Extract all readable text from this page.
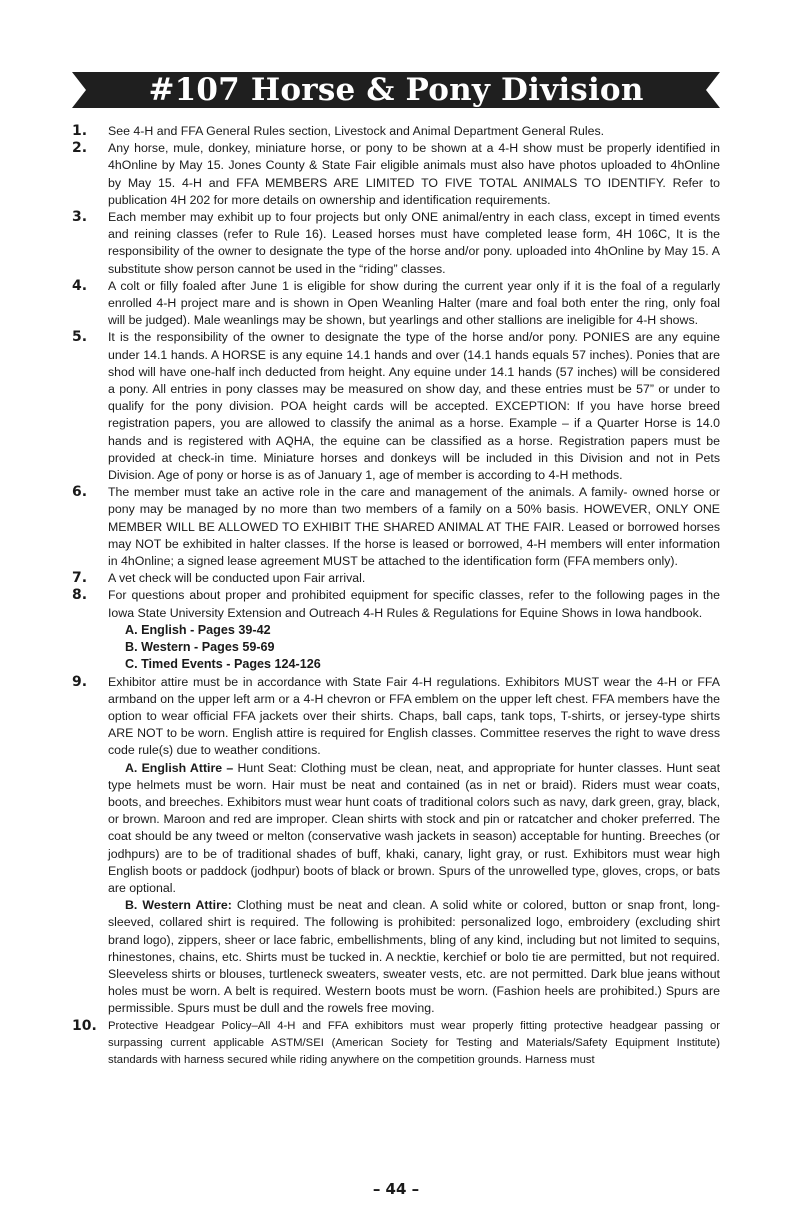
#107 Horse & Pony Division
1. See 4-H and FFA General Rules section, Livestock and Animal Department General Rules.
2. Any horse, mule, donkey, miniature horse, or pony to be shown at a 4-H show must be properly identified in 4hOnline by May 15. Jones County & State Fair eligible animals must also have photos uploaded to 4hOnline by May 15. 4-H and FFA MEMBERS ARE LIMITED TO FIVE TOTAL ANIMALS TO IDENTIFY. Refer to publication 4H 202 for more details on ownership and identification requirements.
3. Each member may exhibit up to four projects but only ONE animal/entry in each class, except in timed events and reining classes (refer to Rule 16). Leased horses must have completed lease form, 4H 106C, It is the responsibility of the owner to designate the type of the horse and/or pony. uploaded into 4hOnline by May 15. A substitute show person cannot be used in the “riding” classes.
4. A colt or filly foaled after June 1 is eligible for show during the current year only if it is the foal of a regularly enrolled 4-H project mare and is shown in Open Weanling Halter (mare and foal both enter the ring, only foal will be judged). Male weanlings may be shown, but yearlings and other stallions are ineligible for 4-H shows.
5. It is the responsibility of the owner to designate the type of the horse and/or pony. PONIES are any equine under 14.1 hands. A HORSE is any equine 14.1 hands and over (14.1 hands equals 57 inches). Ponies that are shod will have one-half inch deducted from height. Any equine under 14.1 hands (57 inches) will be considered a pony. All entries in pony classes may be measured on show day, and these entries must be 57” or under to qualify for the pony division. POA height cards will be accepted. EXCEPTION: If you have horse breed registration papers, you are allowed to classify the animal as a horse. Example – if a Quarter Horse is 14.0 hands and is registered with AQHA, the equine can be classified as a horse. Registration papers must be provided at check-in time. Miniature horses and donkeys will be included in this Division and not in Pets Division. Age of pony or horse is as of January 1, age of member is according to 4-H methods.
6. The member must take an active role in the care and management of the animals. A family- owned horse or pony may be managed by no more than two members of a family on a 50% basis. HOWEVER, ONLY ONE MEMBER WILL BE ALLOWED TO EXHIBIT THE SHARED ANIMAL AT THE FAIR. Leased or borrowed horses may NOT be exhibited in halter classes. If the horse is leased or borrowed, 4-H members will enter information in 4hOnline; a signed lease agreement MUST be attached to the identification form (FFA members only).
7. A vet check will be conducted upon Fair arrival.
8. For questions about proper and prohibited equipment for specific classes, refer to the following pages in the Iowa State University Extension and Outreach 4-H Rules & Regulations for Equine Shows in Iowa handbook.
A. English - Pages 39-42
B. Western - Pages 59-69
C. Timed Events - Pages 124-126
9. Exhibitor attire must be in accordance with State Fair 4-H regulations. Exhibitors MUST wear the 4-H or FFA armband on the upper left arm or a 4-H chevron or FFA emblem on the upper left chest. FFA members have the option to wear official FFA jackets over their shirts. Chaps, ball caps, tank tops, T-shirts, or jersey-type shirts ARE NOT to be worn. English attire is required for English classes. Committee reserves the right to wave dress code rule(s) due to weather conditions.
A. English Attire – Hunt Seat: Clothing must be clean, neat, and appropriate for hunter classes. Hunt seat type helmets must be worn. Hair must be neat and contained (as in net or braid). Riders must wear coats, boots, and breeches. Exhibitors must wear hunt coats of traditional colors such as navy, dark green, gray, black, or brown. Maroon and red are improper. Clean shirts with stock and pin or ratcatcher and choker preferred. The coat should be any tweed or melton (conservative wash jackets in season) acceptable for hunting. Breeches (or jodhpurs) are to be of traditional shades of buff, khaki, canary, light gray, or rust. Exhibitors must wear high English boots or paddock (jodhpur) boots of black or brown. Spurs of the unrowelled type, gloves, crops, or bats are optional.
B. Western Attire: Clothing must be neat and clean. A solid white or colored, button or snap front, long-sleeved, collared shirt is required. The following is prohibited: personalized logo, embroidery (excluding shirt brand logo), zippers, sheer or lace fabric, embellishments, bling of any kind, including but not limited to sequins, rhinestones, chains, etc. Shirts must be tucked in. A necktie, kerchief or bolo tie are permitted, but not required. Sleeveless shirts or blouses, turtleneck sweaters, sweater vests, etc. are not permitted. Dark blue jeans without holes must be worn. A belt is required. Western boots must be worn. (Fashion heels are prohibited.) Spurs are permissible. Spurs must be dull and the rowels free moving.
10. Protective Headgear Policy–All 4-H and FFA exhibitors must wear properly fitting protective headgear passing or surpassing current applicable ASTM/SEI (American Society for Testing and Materials/Safety Equipment Institute) standards with harness secured while riding anywhere on the competition grounds. Harness must
– 44 –
